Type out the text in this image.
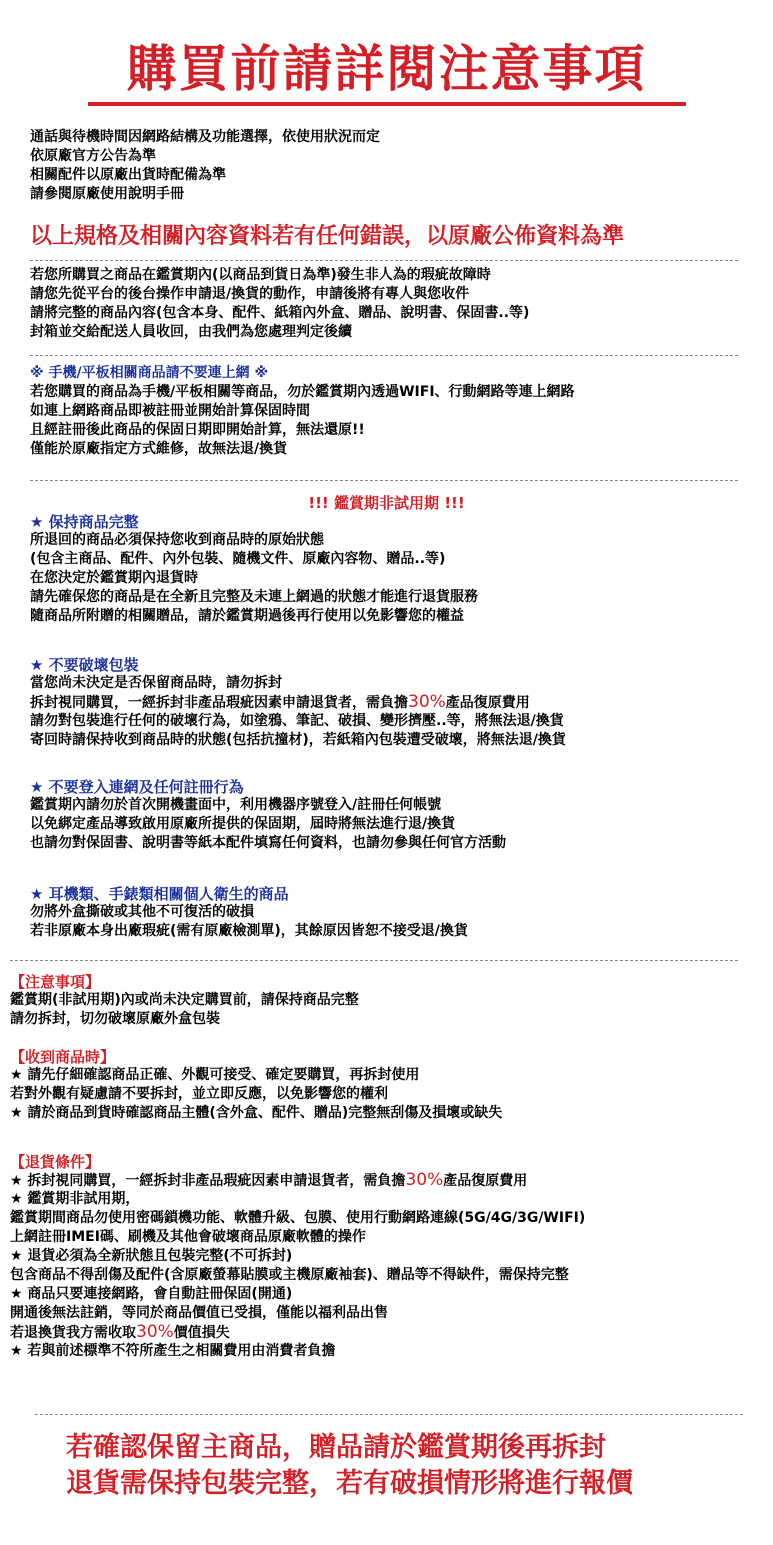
購買前請詳閱注意事項
通話與待機時間因網路結構及功能選擇，依使用狀況而定
依原廠官方公告為準
相關配件以原廠出貨時配備為準
請參閱原廠使用說明手冊
以上規格及相關內容資料若有任何錯誤，以原廠公佈資料為準
若您所購買之商品在鑑賞期內(以商品到貨日為準)發生非人為的瑕疵故障時
請您先從平台的後台操作申請退/換貨的動作，申請後將有專人與您收件
請將完整的商品內容(包含本身、配件、紙箱內外盒、贈品、說明書、保固書..等)
封箱並交給配送人員收回，由我們為您處理判定後續
※ 手機/平板相關商品請不要連上網 ※
若您購買的商品為手機/平板相關等商品，勿於鑑賞期內透過WIFI、行動網路等連上網路
如連上網路商品即被註冊並開始計算保固時間
且經註冊後此商品的保固日期即開始計算，無法還原!!
僅能於原廠指定方式維修，故無法退/換貨
!!! 鑑賞期非試用期 !!!
★ 保持商品完整
所退回的商品必須保持您收到商品時的原始狀態
(包含主商品、配件、內外包裝、隨機文件、原廠內容物、贈品..等)
在您決定於鑑賞期內退貨時
請先確保您的商品是在全新且完整及未連上網過的狀態才能進行退貨服務
隨商品所附贈的相關贈品，請於鑑賞期過後再行使用以免影響您的權益
★ 不要破壞包裝
當您尚未決定是否保留商品時，請勿拆封
拆封視同購買，一經拆封非產品瑕疵因素申請退貨者，需負擔30%產品復原費用
請勿對包裝進行任何的破壞行為，如塗鴉、筆記、破損、變形擠壓..等，將無法退/換貨
寄回時請保持收到商品時的狀態(包括抗撞材)，若紙箱內包裝遭受破壞，將無法退/換貨
★ 不要登入連網及任何註冊行為
鑑賞期內請勿於首次開機畫面中，利用機器序號登入/註冊任何帳號
以免綁定產品導致啟用原廠所提供的保固期，屆時將無法進行退/換貨
也請勿對保固書、說明書等紙本配件填寫任何資料，也請勿參與任何官方活動
★ 耳機類、手錶類相關個人衛生的商品
勿將外盒撕破或其他不可復活的破損
若非原廠本身出廠瑕疵(需有原廠檢測單)，其餘原因皆恕不接受退/換貨
【注意事項】
鑑賞期(非試用期)內或尚未決定購買前，請保持商品完整
請勿拆封，切勿破壞原廠外盒包裝
【收到商品時】
★ 請先仔細確認商品正確、外觀可接受、確定要購買，再拆封使用
若對外觀有疑慮請不要拆封，並立即反應，以免影響您的權利
★ 請於商品到貨時確認商品主體(含外盒、配件、贈品)完整無刮傷及損壞或缺失
【退貨條件】
★ 拆封視同購買，一經拆封非產品瑕疵因素申請退貨者，需負擔30%產品復原費用
★ 鑑賞期非試用期，
鑑賞期間商品勿使用密碼鎖機功能、軟體升級、包膜、使用行動網路連線(5G/4G/3G/WIFI)
上網註冊IMEI碼、刷機及其他會破壞商品原廠軟體的操作
★ 退貨必須為全新狀態且包裝完整(不可拆封)
包含商品不得刮傷及配件(含原廠螢幕貼膜或主機原廠袖套)、贈品等不得缺件，需保持完整
★ 商品只要連接網路，會自動註冊保固(開通)
開通後無法註銷，等同於商品價值已受損，僅能以福利品出售
若退換貨我方需收取30%價值損失
★ 若與前述標準不符所產生之相關費用由消費者負擔
若確認保留主商品，贈品請於鑑賞期後再拆封
退貨需保持包裝完整，若有破損情形將進行報價
